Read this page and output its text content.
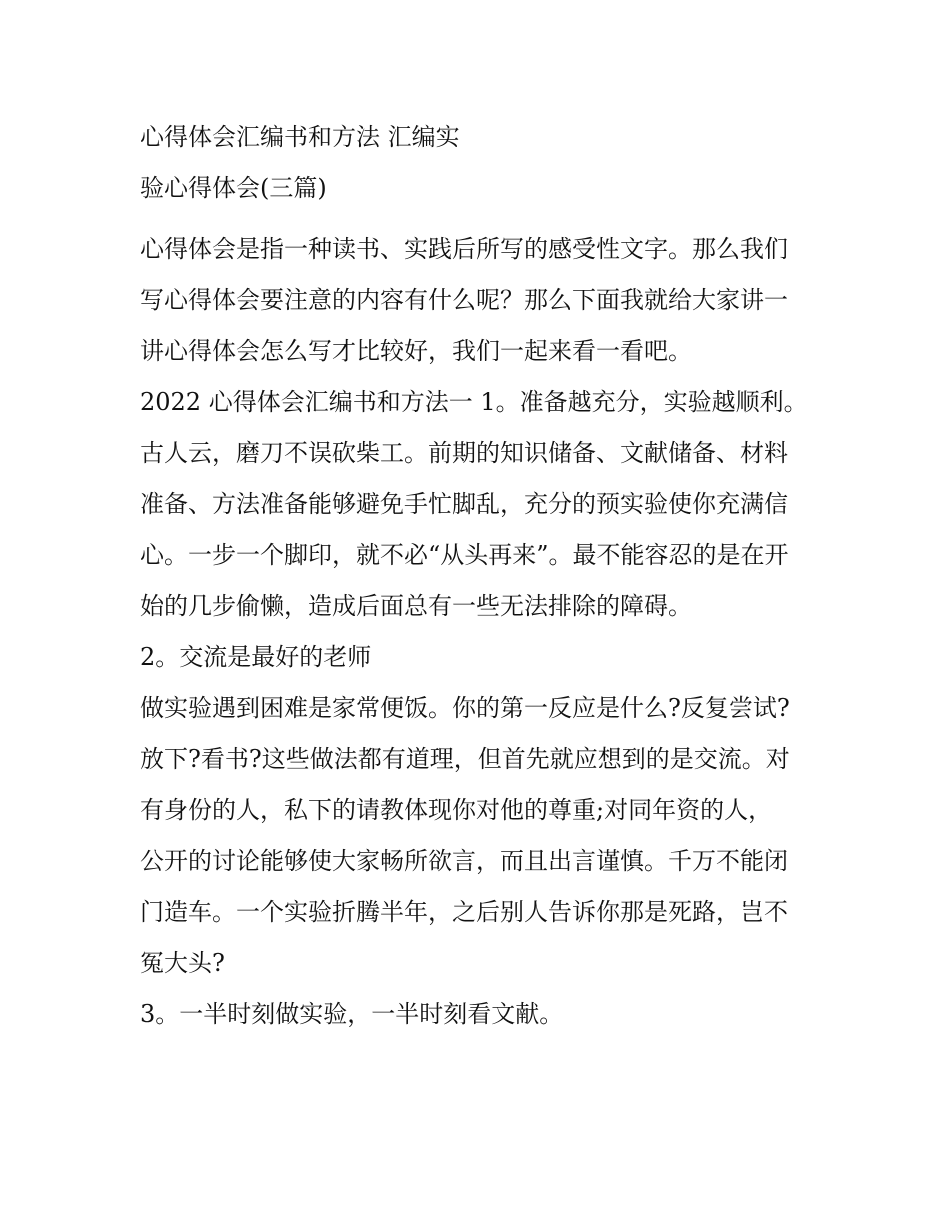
心得体会汇编书和方法 汇编实
验心得体会(三篇)
心得体会是指一种读书、实践后所写的感受性文字。那么我们
写心得体会要注意的内容有什么呢？那么下面我就给大家讲一
讲心得体会怎么写才比较好，我们一起来看一看吧。
2022 心得体会汇编书和方法一 1。准备越充分，实验越顺利。
古人云，磨刀不误砍柴工。前期的知识储备、文献储备、材料
准备、方法准备能够避免手忙脚乱，充分的预实验使你充满信
心。一步一个脚印，就不必“从头再来”。最不能容忍的是在开
始的几步偷懒，造成后面总有一些无法排除的障碍。
2。交流是最好的老师
做实验遇到困难是家常便饭。你的第一反应是什么?反复尝试?
放下?看书?这些做法都有道理，但首先就应想到的是交流。对
有身份的人，私下的请教体现你对他的尊重;对同年资的人，
公开的讨论能够使大家畅所欲言，而且出言谨慎。千万不能闭
门造车。一个实验折腾半年，之后别人告诉你那是死路，岂不
冤大头?
3。一半时刻做实验，一半时刻看文献。
